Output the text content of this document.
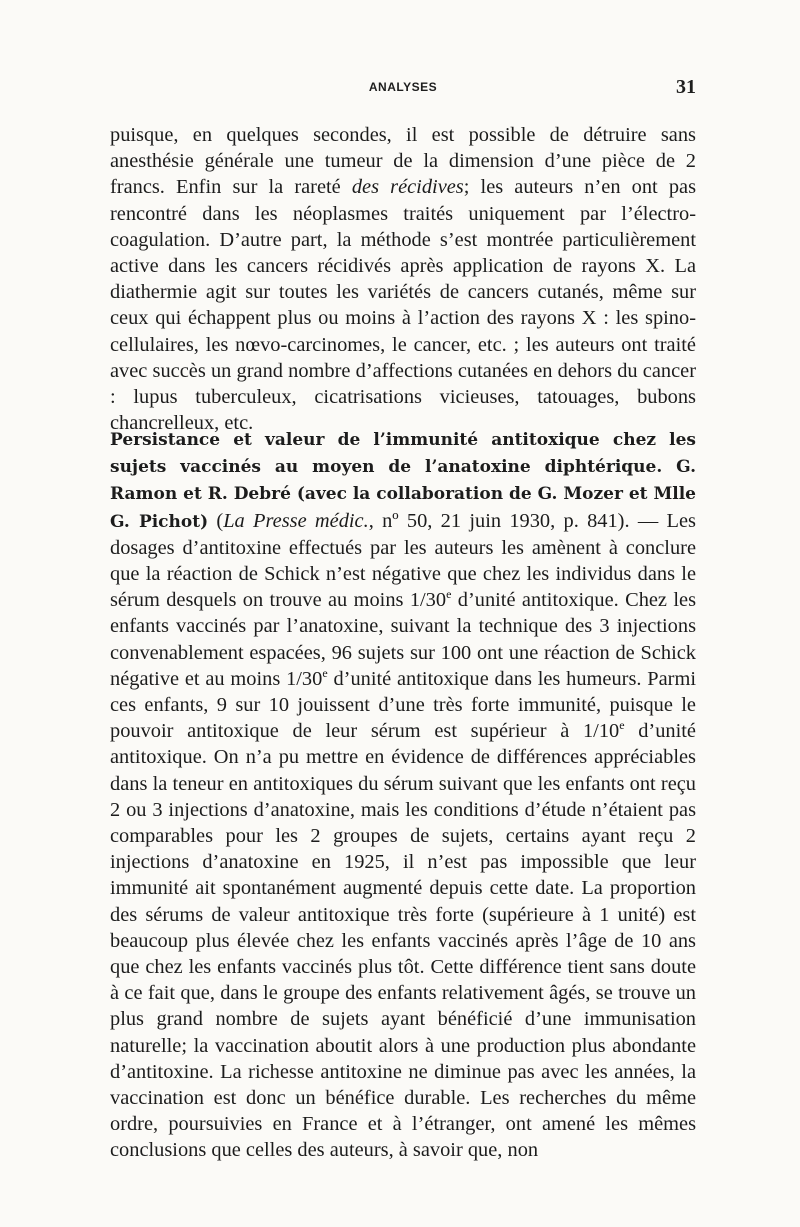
ANALYSES	31

puisque, en quelques secondes, il est possible de détruire sans anesthésie générale une tumeur de la dimension d’une pièce de 2 francs. Enfin sur la rareté des récidives; les auteurs n’en ont pas rencontré dans les néoplasmes traités uniquement par l’électro-coagulation. D’autre part, la méthode s’est montrée particulièrement active dans les cancers récidivés après application de rayons X. La diathermie agit sur toutes les variétés de cancers cutanés, même sur ceux qui échappent plus ou moins à l’action des rayons X : les spino-cellulaires, les nœvo-carcinomes, le cancer, etc. ; les auteurs ont traité avec succès un grand nombre d’affections cutanées en dehors du cancer : lupus tuberculeux, cicatrisations vicieuses, tatouages, bubons chancrelleux, etc.

Persistance et valeur de l’immunité antitoxique chez les sujets vaccinés au moyen de l’anatoxine diphtérique. G. Ramon et R. Debré (avec la collaboration de G. Mozer et Mlle G. Pichot) (La Presse médic., nº 50, 21 juin 1930, p. 841). — Les dosages d’antitoxine effectués par les auteurs les amènent à conclure que la réaction de Schick n’est négative que chez les individus dans le sérum desquels on trouve au moins 1/30e d’unité antitoxique. Chez les enfants vaccinés par l’anatoxine, suivant la technique des 3 injections convenablement espacées, 96 sujets sur 100 ont une réaction de Schick négative et au moins 1/30e d’unité antitoxique dans les humeurs. Parmi ces enfants, 9 sur 10 jouissent d’une très forte immunité, puisque le pouvoir antitoxique de leur sérum est supérieur à 1/10e d’unité antitoxique. On n’a pu mettre en évidence de différences appréciables dans la teneur en antitoxiques du sérum suivant que les enfants ont reçu 2 ou 3 injections d’anatoxine, mais les conditions d’étude n’étaient pas comparables pour les 2 groupes de sujets, certains ayant reçu 2 injections d’anatoxine en 1925, il n’est pas impossible que leur immunité ait spontanément augmenté depuis cette date. La proportion des sérums de valeur antitoxique très forte (supérieure à 1 unité) est beaucoup plus élevée chez les enfants vaccinés après l’âge de 10 ans que chez les enfants vaccinés plus tôt. Cette différence tient sans doute à ce fait que, dans le groupe des enfants relativement âgés, se trouve un plus grand nombre de sujets ayant bénéficié d’une immunisation naturelle; la vaccination aboutit alors à une production plus abondante d’antitoxine. La richesse antitoxine ne diminue pas avec les années, la vaccination est donc un bénéfice durable. Les recherches du même ordre, poursuivies en France et à l’étranger, ont amené les mêmes conclusions que celles des auteurs, à savoir que, non
